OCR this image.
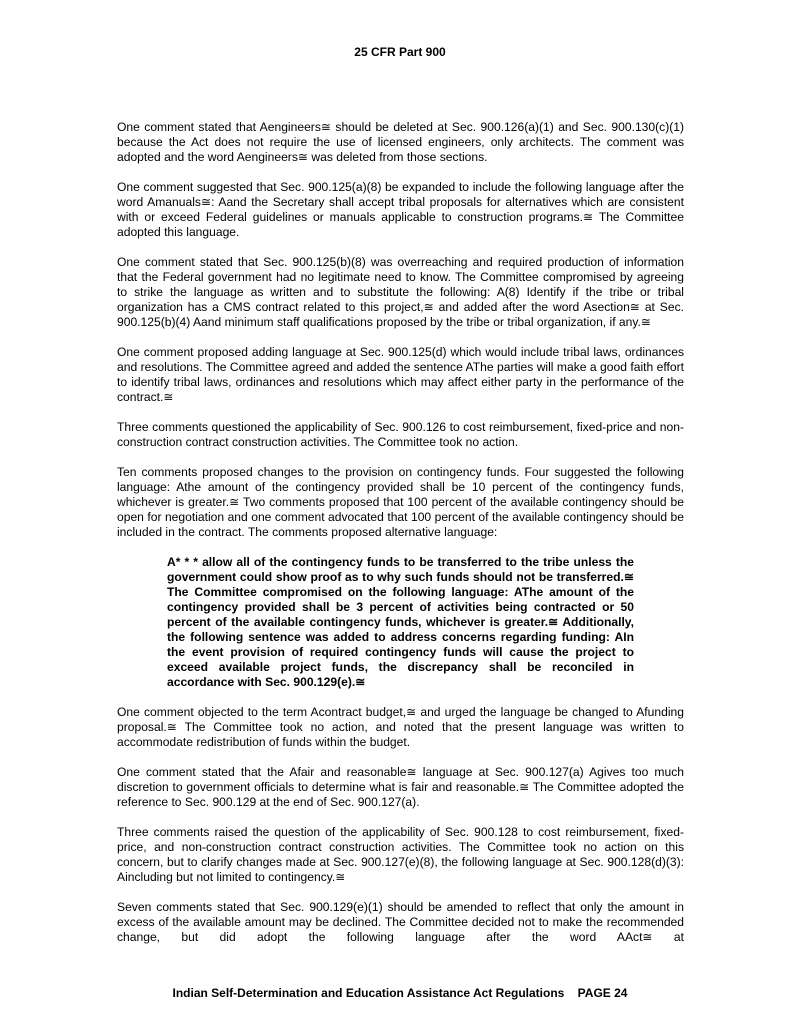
25 CFR Part 900

One comment stated that Aengineers≅ should be deleted at Sec. 900.126(a)(1) and Sec. 900.130(c)(1) because the Act does not require the use of licensed engineers, only architects. The comment was adopted and the word Aengineers≅ was deleted from those sections.

One comment suggested that Sec. 900.125(a)(8) be expanded to include the following language after the word Amanuals≅: Aand the Secretary shall accept tribal proposals for alternatives which are consistent with or exceed Federal guidelines or manuals applicable to construction programs.≅ The Committee adopted this language.

One comment stated that Sec. 900.125(b)(8) was overreaching and required production of information that the Federal government had no legitimate need to know. The Committee compromised by agreeing to strike the language as written and to substitute the following: A(8) Identify if the tribe or tribal organization has a CMS contract related to this project,≅ and added after the word Asection≅ at Sec. 900.125(b)(4) Aand minimum staff qualifications proposed by the tribe or tribal organization, if any.≅

One comment proposed adding language at Sec. 900.125(d) which would include tribal laws, ordinances and resolutions. The Committee agreed and added the sentence AThe parties will make a good faith effort to identify tribal laws, ordinances and resolutions which may affect either party in the performance of the contract.≅

Three comments questioned the applicability of Sec. 900.126 to cost reimbursement, fixed-price and non-construction contract construction activities. The Committee took no action.

Ten comments proposed changes to the provision on contingency funds. Four suggested the following language: Athe amount of the contingency provided shall be 10 percent of the contingency funds, whichever is greater.≅ Two comments proposed that 100 percent of the available contingency should be open for negotiation and one comment advocated that 100 percent of the available contingency should be included in the contract. The comments proposed alternative language:

A* * * allow all of the contingency funds to be transferred to the tribe unless the government could show proof as to why such funds should not be transferred.≅ The Committee compromised on the following language: AThe amount of the contingency provided shall be 3 percent of activities being contracted or 50 percent of the available contingency funds, whichever is greater.≅ Additionally, the following sentence was added to address concerns regarding funding: AIn the event provision of required contingency funds will cause the project to exceed available project funds, the discrepancy shall be reconciled in accordance with Sec. 900.129(e).≅

One comment objected to the term Acontract budget,≅ and urged the language be changed to Afunding proposal.≅ The Committee took no action, and noted that the present language was written to accommodate redistribution of funds within the budget.

One comment stated that the Afair and reasonable≅ language at Sec. 900.127(a) Agives too much discretion to government officials to determine what is fair and reasonable.≅ The Committee adopted the reference to Sec. 900.129 at the end of Sec. 900.127(a).

Three comments raised the question of the applicability of Sec. 900.128 to cost reimbursement, fixed-price, and non-construction contract construction activities. The Committee took no action on this concern, but to clarify changes made at Sec. 900.127(e)(8), the following language at Sec. 900.128(d)(3): Aincluding but not limited to contingency.≅

Seven comments stated that Sec. 900.129(e)(1) should be amended to reflect that only the amount in excess of the available amount may be declined. The Committee decided not to make the recommended change, but did adopt the following language after the word AAct≅ at

Indian Self-Determination and Education Assistance Act Regulations    PAGE 24
